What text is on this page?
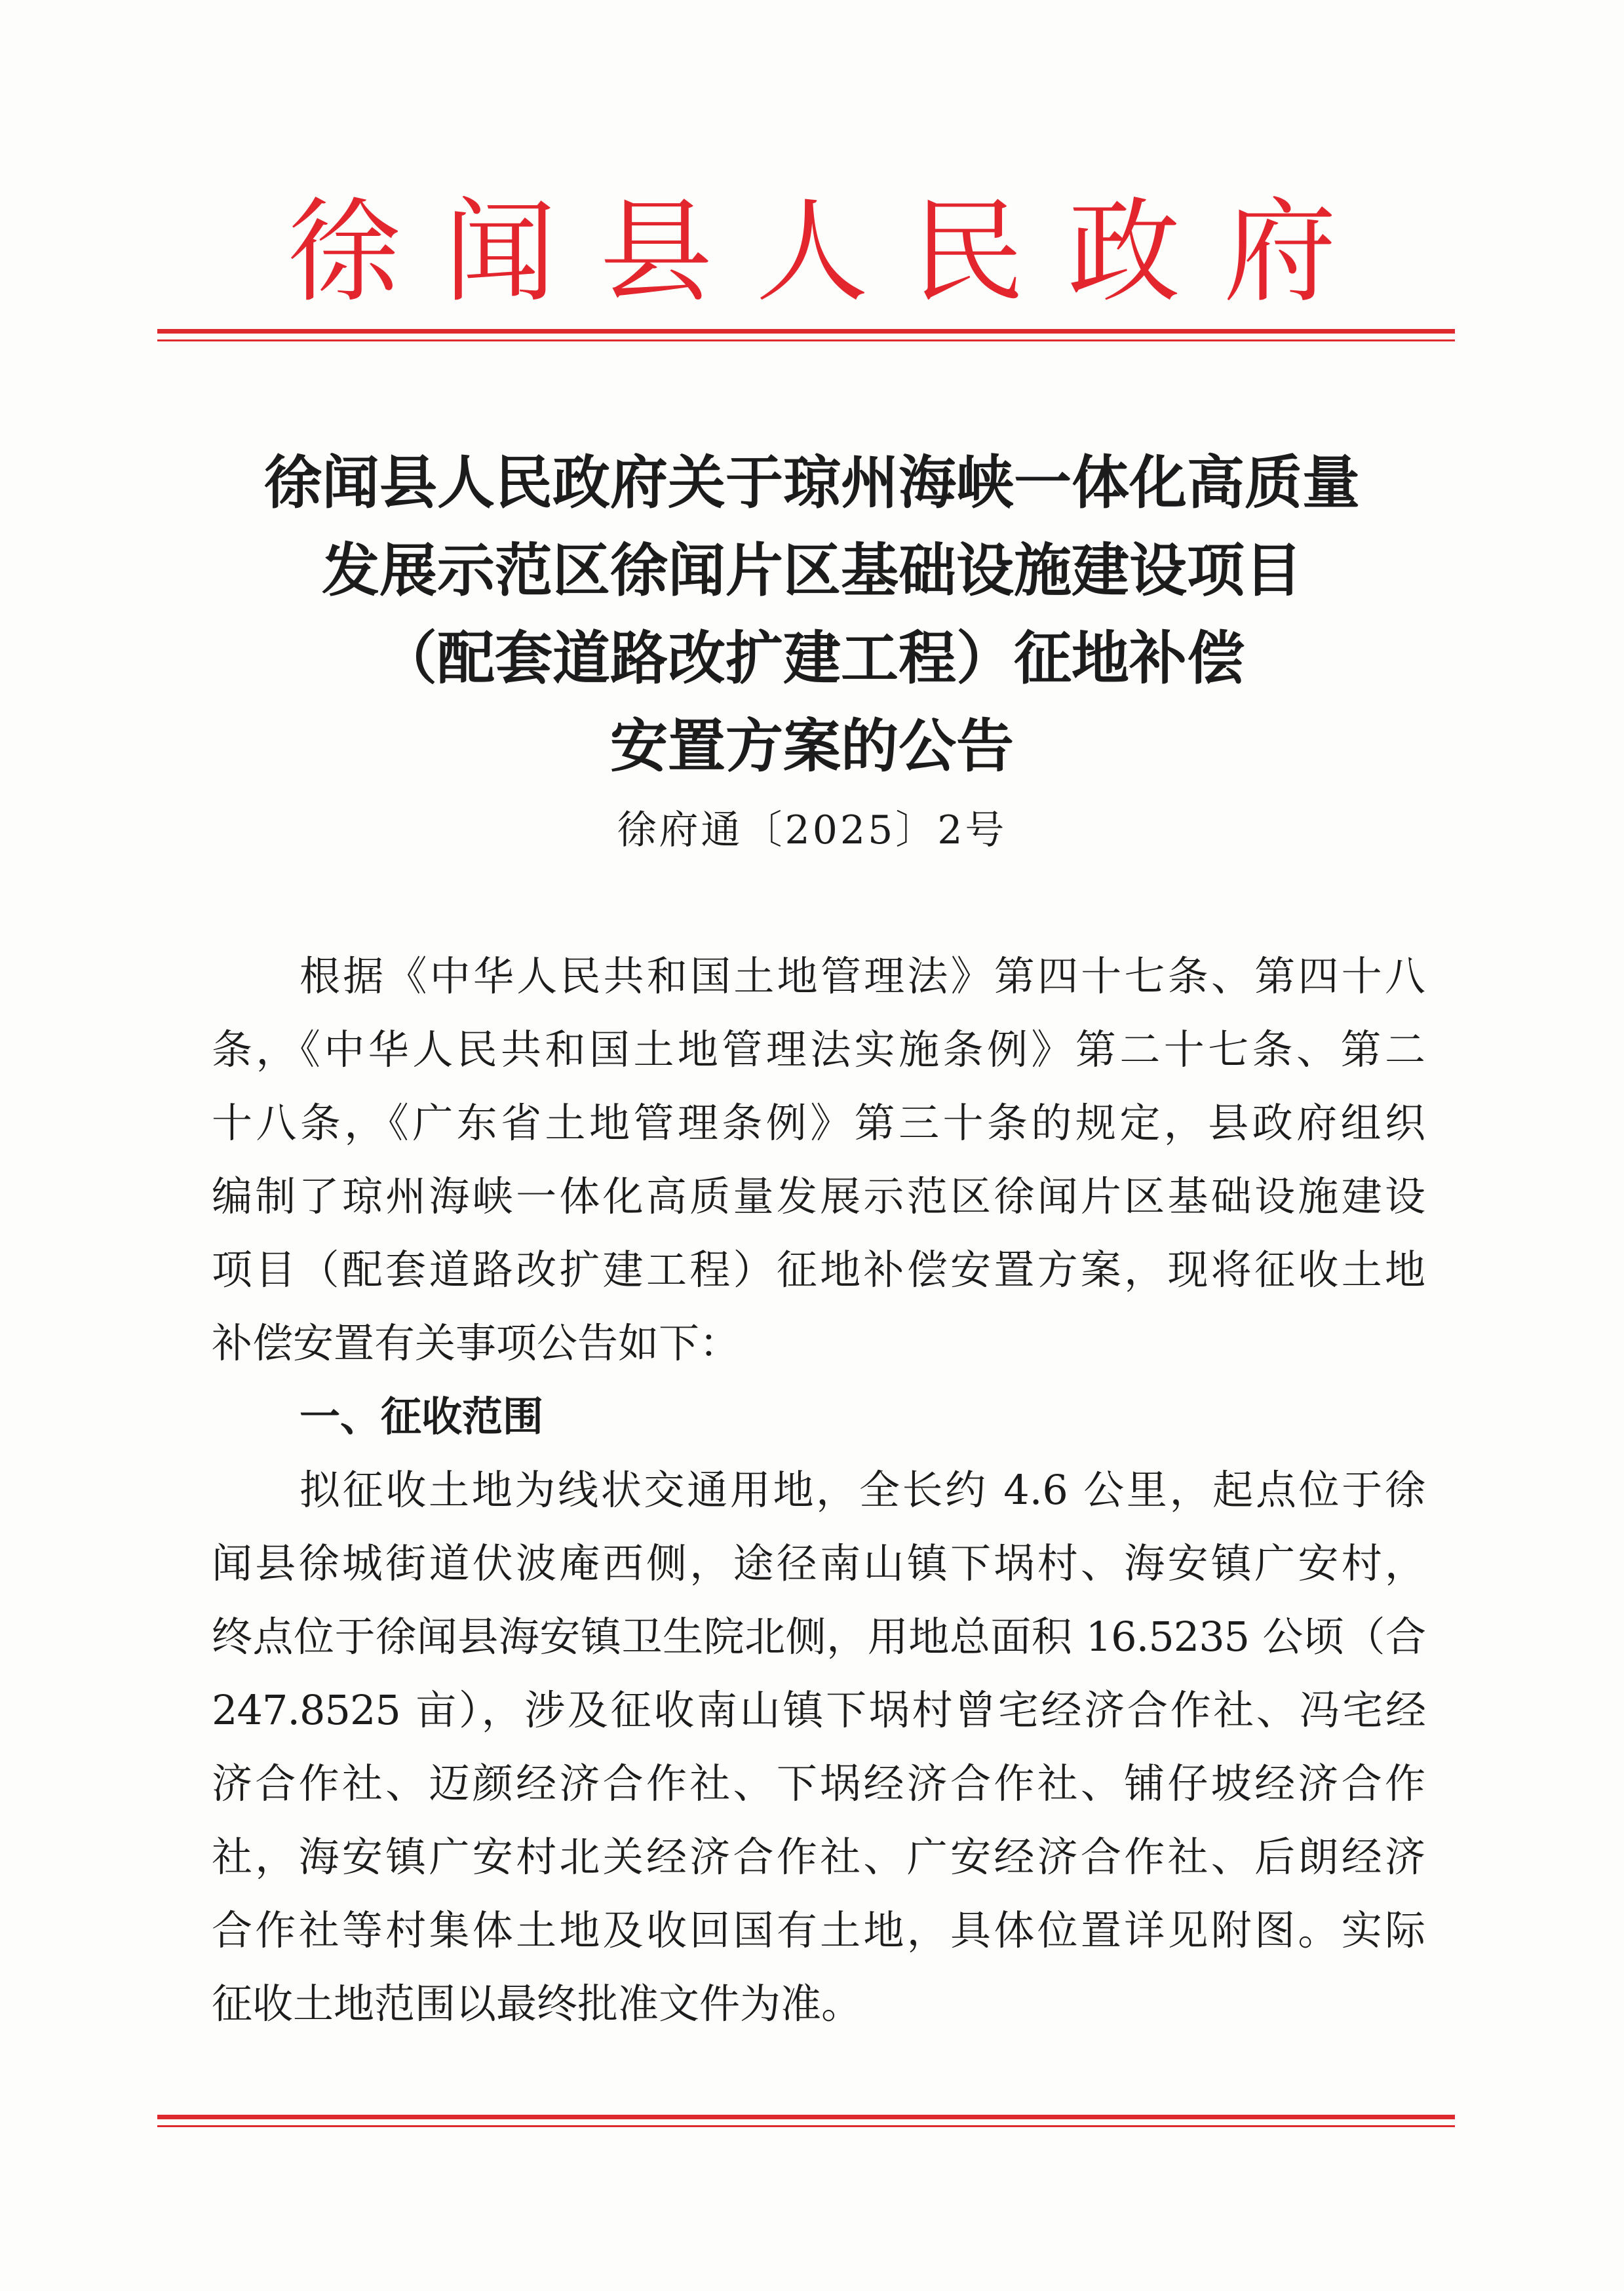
徐闻县人民政府
徐闻县人民政府关于琼州海峡一体化高质量
发展示范区徐闻片区基础设施建设项目
（配套道路改扩建工程）征地补偿
安置方案的公告
徐府通〔2025〕2号
根据《中华人民共和国土地管理法》第四十七条、第四十八
条，《中华人民共和国土地管理法实施条例》第二十七条、第二
十八条，《广东省土地管理条例》第三十条的规定，县政府组织
编制了琼州海峡一体化高质量发展示范区徐闻片区基础设施建设
项目（配套道路改扩建工程）征地补偿安置方案，现将征收土地
补偿安置有关事项公告如下：
一、征收范围
拟征收土地为线状交通用地，全长约 4.6 公里，起点位于徐
闻县徐城街道伏波庵西侧，途径南山镇下埚村、海安镇广安村，
终点位于徐闻县海安镇卫生院北侧，用地总面积 16.5235 公顷（合
247.8525 亩），涉及征收南山镇下埚村曾宅经济合作社、冯宅经
济合作社、迈颜经济合作社、下埚经济合作社、铺仔坡经济合作
社，海安镇广安村北关经济合作社、广安经济合作社、后朗经济
合作社等村集体土地及收回国有土地，具体位置详见附图。实际
征收土地范围以最终批准文件为准。
